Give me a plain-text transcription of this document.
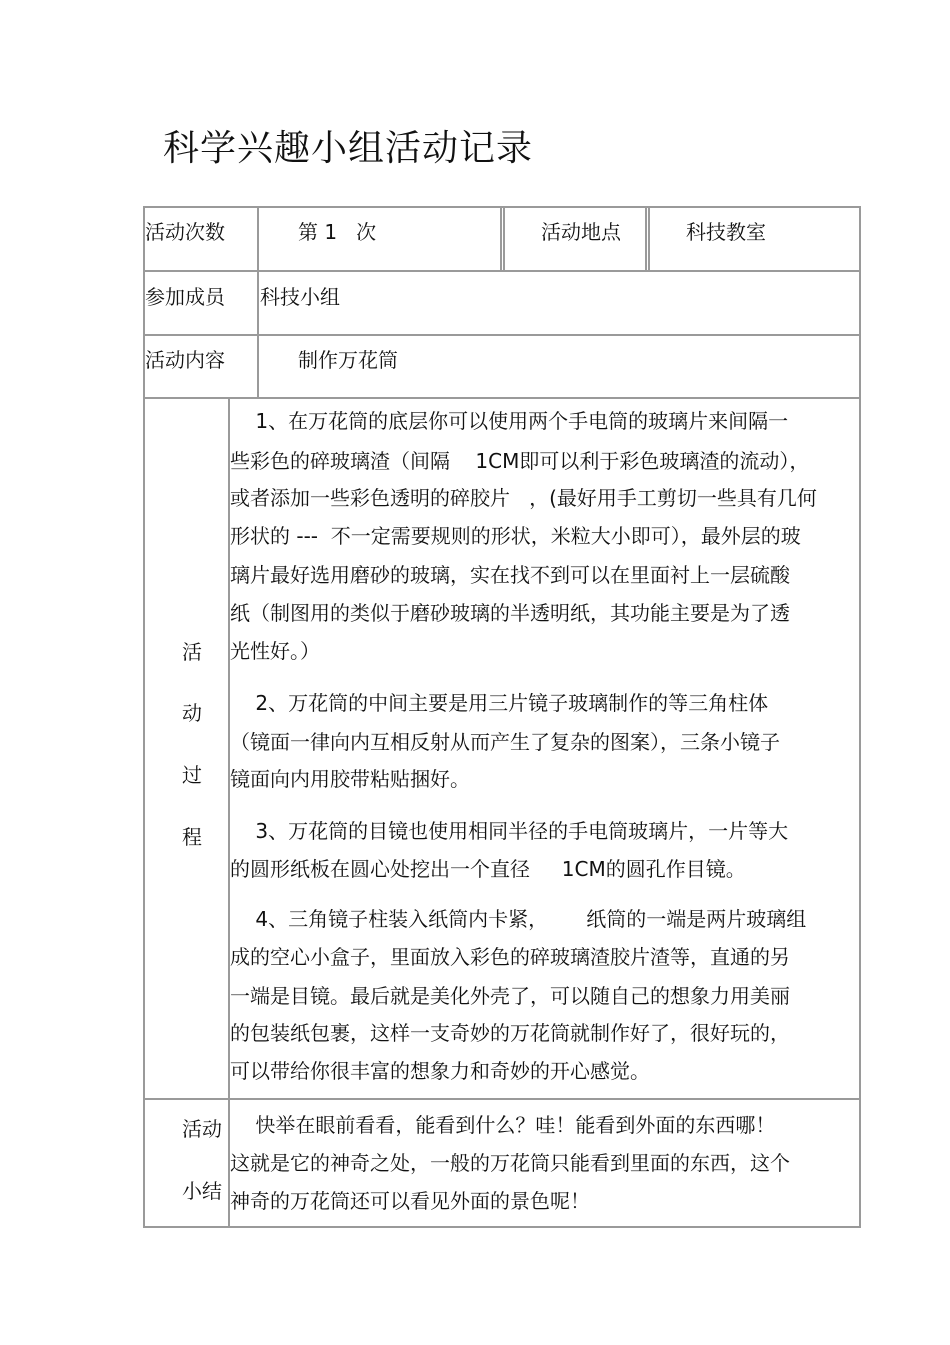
科学兴趣小组活动记录
活动次数	第 1   次	活动地点	科技教室
参加成员 科技小组
活动内容	制作万花筒
活
动
过
程
1、在万花筒的底层你可以使用两个手电筒的玻璃片来间隔一
些彩色的碎玻璃渣（间隔    1CM即可以利于彩色玻璃渣的流动），
或者添加一些彩色透明的碎胶片   ，(最好用手工剪切一些具有几何
形状的 ---  不一定需要规则的形状，米粒大小即可），最外层的玻
璃片最好选用磨砂的玻璃，实在找不到可以在里面衬上一层硫酸
纸（制图用的类似于磨砂玻璃的半透明纸，其功能主要是为了透
光性好。）
2、万花筒的中间主要是用三片镜子玻璃制作的等三角柱体
（镜面一律向内互相反射从而产生了复杂的图案），三条小镜子
镜面向内用胶带粘贴捆好。
3、万花筒的目镜也使用相同半径的手电筒玻璃片，一片等大
的圆形纸板在圆心处挖出一个直径     1CM的圆孔作目镜。
4、三角镜子柱装入纸筒内卡紧，      纸筒的一端是两片玻璃组
成的空心小盒子，里面放入彩色的碎玻璃渣胶片渣等，直通的另
一端是目镜。最后就是美化外壳了，可以随自己的想象力用美丽
的包装纸包裹，这样一支奇妙的万花筒就制作好了，很好玩的，
可以带给你很丰富的想象力和奇妙的开心感觉。
活动
小结
快举在眼前看看，能看到什么？哇！能看到外面的东西哪！
这就是它的神奇之处，一般的万花筒只能看到里面的东西，这个
神奇的万花筒还可以看见外面的景色呢！
